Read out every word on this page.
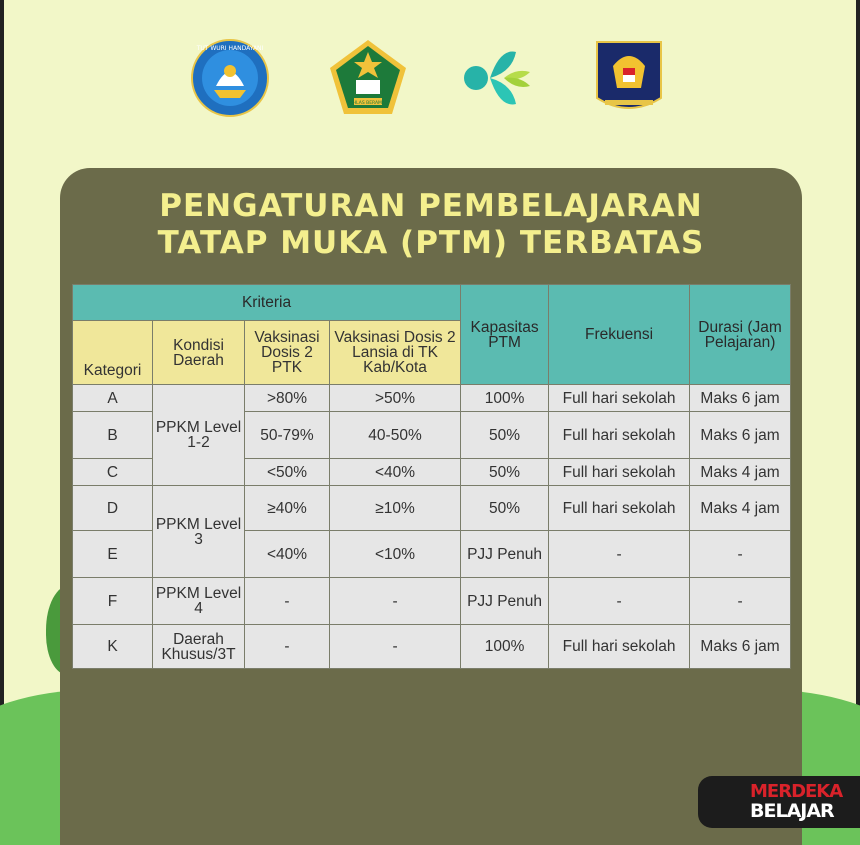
TUT WURI HANDAYANI
IKHLAS BERAMAL
PENGATURAN PEMBELAJARAN
TATAP MUKA (PTM) TERBATAS
Kriteria				Kapasitas PTM	Frekuensi	Durasi (Jam Pelajaran)
Kategori	Kondisi Daerah	Vaksinasi Dosis 2 PTK	Vaksinasi Dosis 2 Lansia di TK Kab/Kota			
A	PPKM Level 1-2	>80%	>50%	100%	Full hari sekolah	Maks 6 jam
B		50-79%	40-50%	50%	Full hari sekolah	Maks 6 jam
C		<50%	<40%	50%	Full hari sekolah	Maks 4 jam
D	PPKM Level 3	≥40%	≥10%	50%	Full hari sekolah	Maks 4 jam
E		<40%	<10%	PJJ Penuh	-	-
F	PPKM Level 4	-	-	PJJ Penuh	-	-
K	Daerah Khusus/3T	-	-	100%	Full hari sekolah	Maks 6 jam
MERDEKA
BELAJAR
